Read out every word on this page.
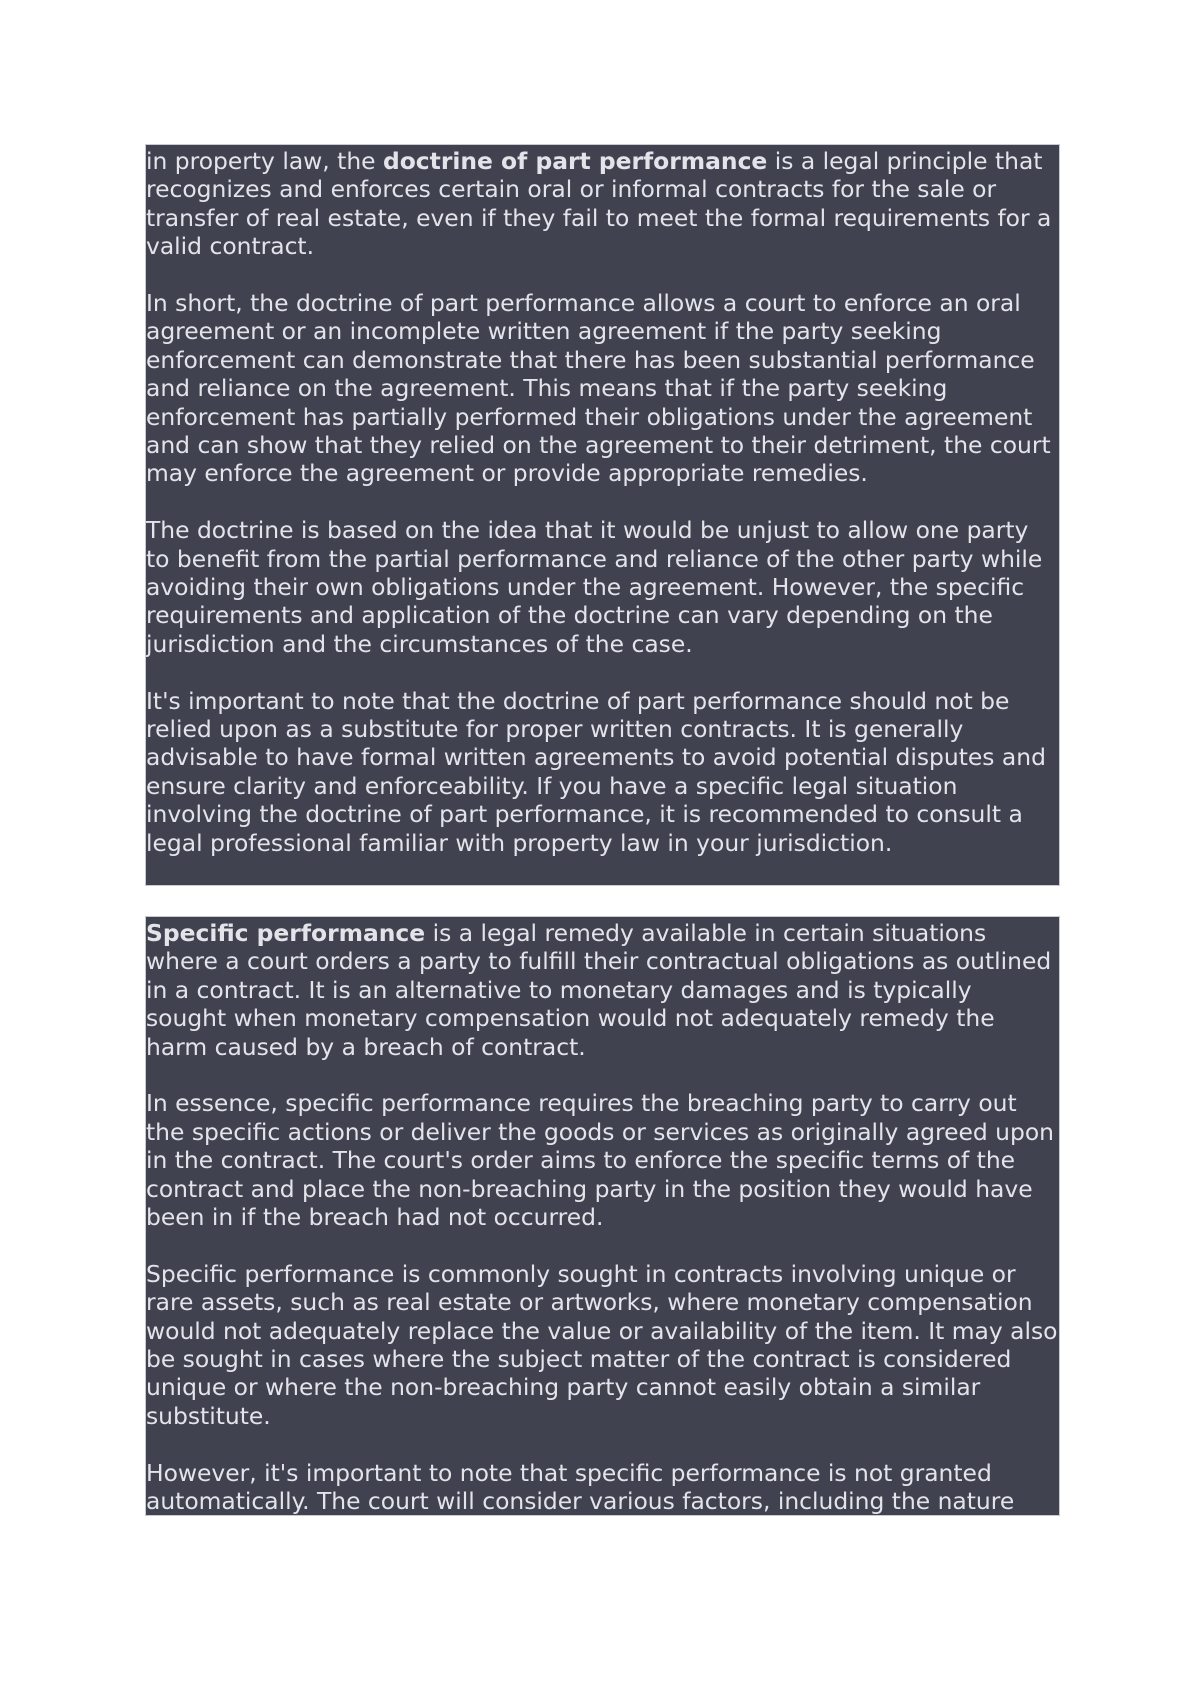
in property law, the doctrine of part performance is a legal principle that recognizes and enforces certain oral or informal contracts for the sale or transfer of real estate, even if they fail to meet the formal requirements for a valid contract.

In short, the doctrine of part performance allows a court to enforce an oral agreement or an incomplete written agreement if the party seeking enforcement can demonstrate that there has been substantial performance and reliance on the agreement. This means that if the party seeking enforcement has partially performed their obligations under the agreement and can show that they relied on the agreement to their detriment, the court may enforce the agreement or provide appropriate remedies.

The doctrine is based on the idea that it would be unjust to allow one party to benefit from the partial performance and reliance of the other party while avoiding their own obligations under the agreement. However, the specific requirements and application of the doctrine can vary depending on the jurisdiction and the circumstances of the case.

It's important to note that the doctrine of part performance should not be relied upon as a substitute for proper written contracts. It is generally advisable to have formal written agreements to avoid potential disputes and ensure clarity and enforceability. If you have a specific legal situation involving the doctrine of part performance, it is recommended to consult a legal professional familiar with property law in your jurisdiction.

Specific performance is a legal remedy available in certain situations where a court orders a party to fulfill their contractual obligations as outlined in a contract. It is an alternative to monetary damages and is typically sought when monetary compensation would not adequately remedy the harm caused by a breach of contract.

In essence, specific performance requires the breaching party to carry out the specific actions or deliver the goods or services as originally agreed upon in the contract. The court's order aims to enforce the specific terms of the contract and place the non-breaching party in the position they would have been in if the breach had not occurred.

Specific performance is commonly sought in contracts involving unique or rare assets, such as real estate or artworks, where monetary compensation would not adequately replace the value or availability of the item. It may also be sought in cases where the subject matter of the contract is considered unique or where the non-breaching party cannot easily obtain a similar substitute.

However, it's important to note that specific performance is not granted automatically. The court will consider various factors, including the nature
